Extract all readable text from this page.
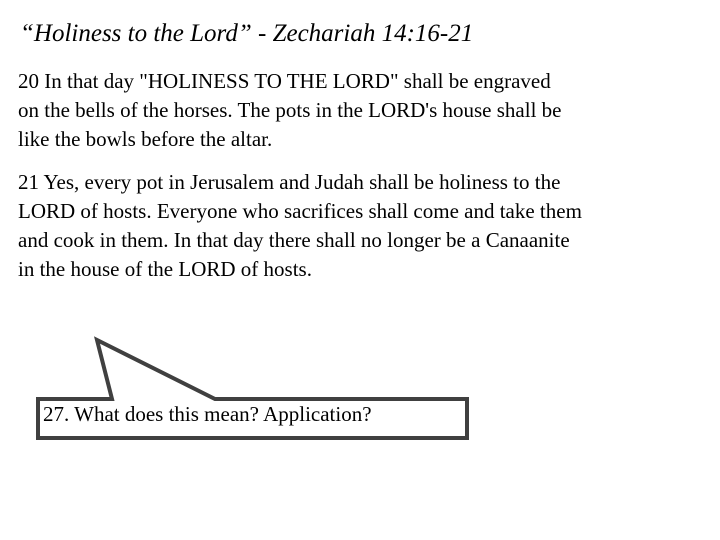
“Holiness to the Lord” - Zechariah 14:16-21
20 In that day "HOLINESS TO THE LORD" shall be engraved
on the bells of the horses. The pots in the LORD's house shall be
like the bowls before the altar.
21 Yes, every pot in Jerusalem and Judah shall be holiness to the
LORD of hosts. Everyone who sacrifices shall come and take them
and cook in them. In that day there shall no longer be a Canaanite
in the house of the LORD of hosts.
27. What does this mean? Application?
